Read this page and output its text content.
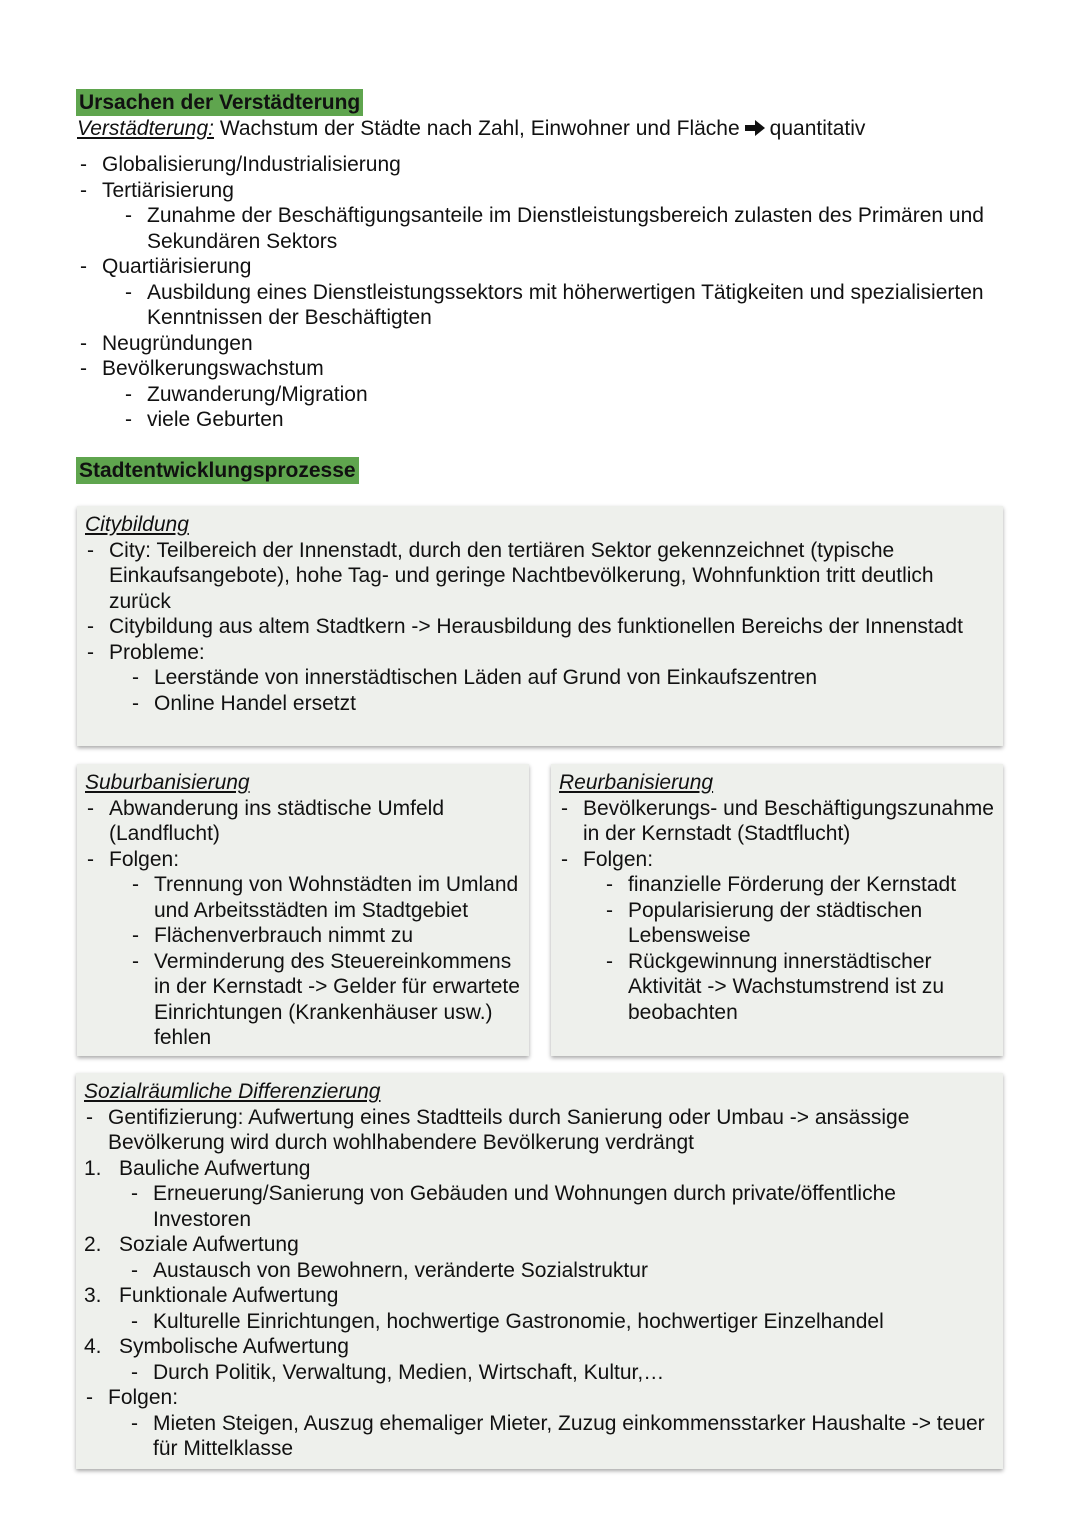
Ursachen der Verstädterung
Verstädterung: Wachstum der Städte nach Zahl, Einwohner und Fläche quantitativ
- Globalisierung/Industrialisierung
- Tertiärisierung
- Zunahme der Beschäftigungsanteile im Dienstleistungsbereich zulasten des Primären und Sekundären Sektors
- Quartiärisierung
- Ausbildung eines Dienstleistungssektors mit höherwertigen Tätigkeiten und spezialisierten Kenntnissen der Beschäftigten
- Neugründungen
- Bevölkerungswachstum
- Zuwanderung/Migration
- viele Geburten
Stadtentwicklungsprozesse
Citybildung
- City: Teilbereich der Innenstadt, durch den tertiären Sektor gekennzeichnet (typische Einkaufsangebote), hohe Tag- und geringe Nachtbevölkerung, Wohnfunktion tritt deutlich zurück
- Citybildung aus altem Stadtkern -> Herausbildung des funktionellen Bereichs der Innenstadt
- Probleme:
- Leerstände von innerstädtischen Läden auf Grund von Einkaufszentren
- Online Handel ersetzt
Suburbanisierung
- Abwanderung ins städtische Umfeld (Landflucht)
- Folgen:
- Trennung von Wohnstädten im Umland und Arbeitsstädten im Stadtgebiet
- Flächenverbrauch nimmt zu
- Verminderung des Steuereinkommens in der Kernstadt -> Gelder für erwartete Einrichtungen (Krankenhäuser usw.) fehlen
Reurbanisierung
- Bevölkerungs- und Beschäftigungszunahme in der Kernstadt (Stadtflucht)
- Folgen:
- finanzielle Förderung der Kernstadt
- Popularisierung der städtischen Lebensweise
- Rückgewinnung innerstädtischer Aktivität -> Wachstumstrend ist zu beobachten
Sozialräumliche Differenzierung
- Gentifizierung: Aufwertung eines Stadtteils durch Sanierung oder Umbau -> ansässige Bevölkerung wird durch wohlhabendere Bevölkerung verdrängt
1. Bauliche Aufwertung
- Erneuerung/Sanierung von Gebäuden und Wohnungen durch private/öffentliche Investoren
2. Soziale Aufwertung
- Austausch von Bewohnern, veränderte Sozialstruktur
3. Funktionale Aufwertung
- Kulturelle Einrichtungen, hochwertige Gastronomie, hochwertiger Einzelhandel
4. Symbolische Aufwertung
- Durch Politik, Verwaltung, Medien, Wirtschaft, Kultur,…
- Folgen:
- Mieten Steigen, Auszug ehemaliger Mieter, Zuzug einkommensstarker Haushalte -> teuer für Mittelklasse
